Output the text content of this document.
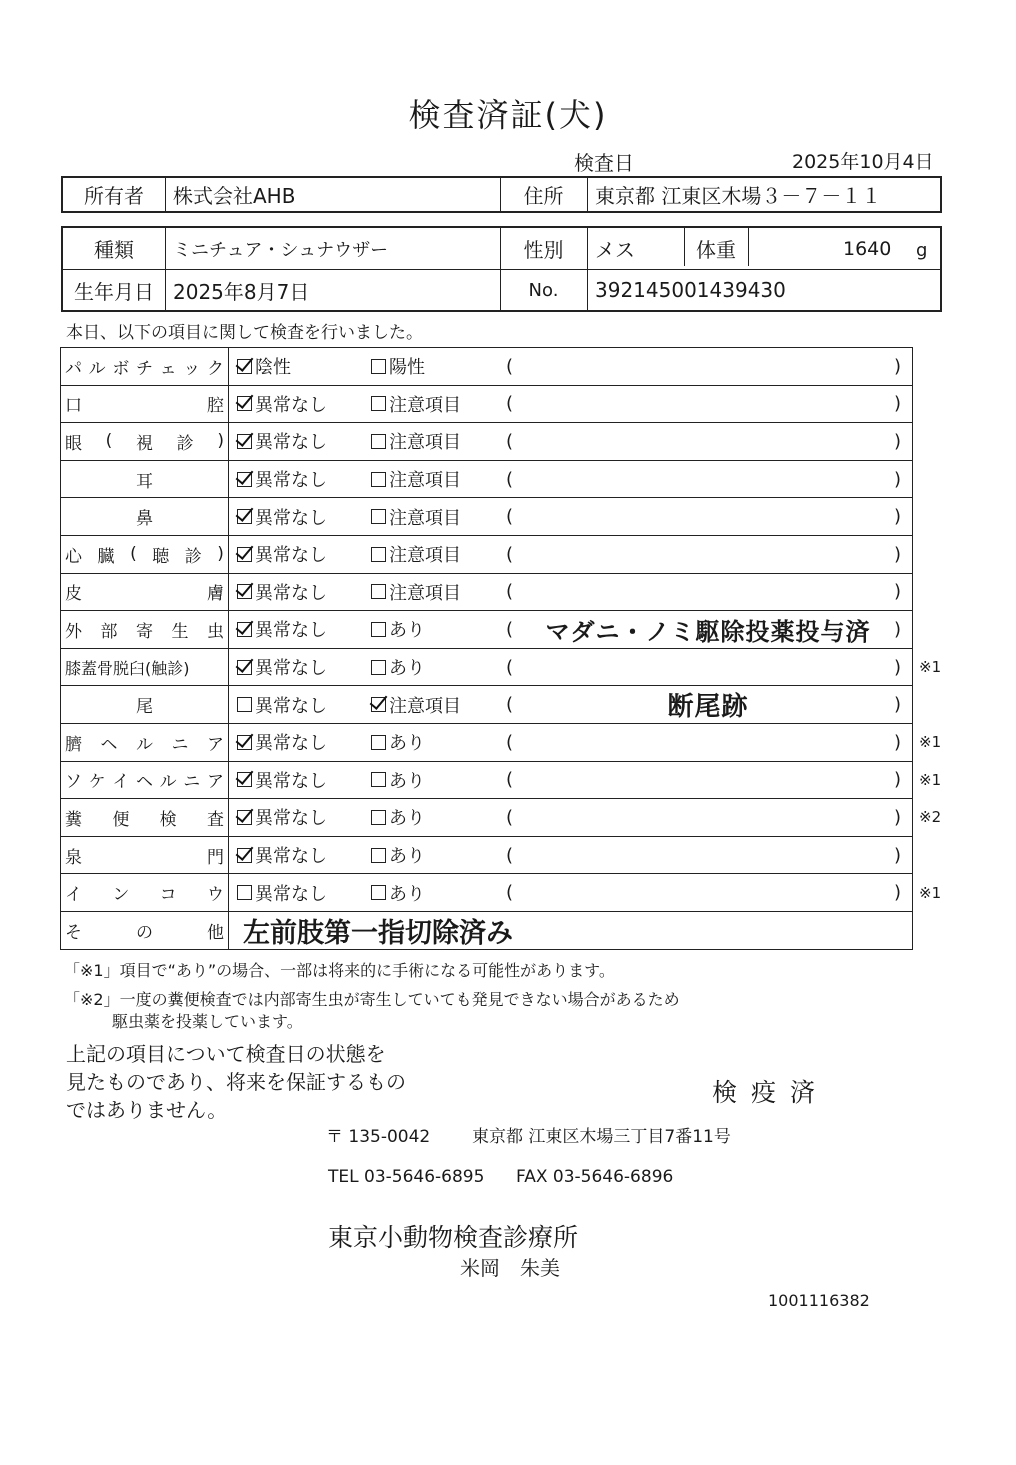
検査済証(犬)
検査日	2025年10月4日
所有者	株式会社AHB	住所	東京都 江東区木場３－７－１１
種類	ミニチュア・シュナウザー	性別	メス	体重	1640 g
生年月日 2025年8月7日	No.	392145001439430
本日、以下の項目に関して検査を行いました。
パ ル ボ チ ェ ッ ク 陰性	陽性	(	)
口	腔 異常なし	注意項目	(	)
眼 ( 視 診 ) 異常なし	注意項目	(	)
耳	異常なし	注意項目	(	)
鼻	異常なし	注意項目	(	)
心 臓 ( 聴 診 ) 異常なし	注意項目	(	)
皮	膚 異常なし	注意項目	(	)
外 部 寄 生 虫 異常なし	あり	(	マダニ・ノミ駆除投薬投与済	)
膝蓋骨脱臼(触診)	異常なし	あり	(	) ※1
尾	異常なし	注意項目	(	断尾跡	)
臍 ヘ ル ニ ア 異常なし	あり	(	) ※1
ソ ケ イ ヘ ル ニ ア 異常なし	あり	(	) ※1
糞 便 検 査 異常なし	あり	(	) ※2
泉	門 異常なし	あり	(	)
イ ン コ ウ 異常なし	あり	(	) ※1
そ	の	他 左前肢第一指切除済み
「※1」項目で“あり”の場合、一部は将来的に手術になる可能性があります。
「※2」一度の糞便検査では内部寄生虫が寄生していても発見できない場合があるため
駆虫薬を投薬しています。
上記の項目について検査日の状態を
見たものであり、将来を保証するもの
ではありません。
検 疫 済
〒 135-0042 東京都 江東区木場三丁目7番11号
TEL 03-5646-6895 FAX 03-5646-6896
東京小動物検査診療所
米岡　朱美
1001116382
